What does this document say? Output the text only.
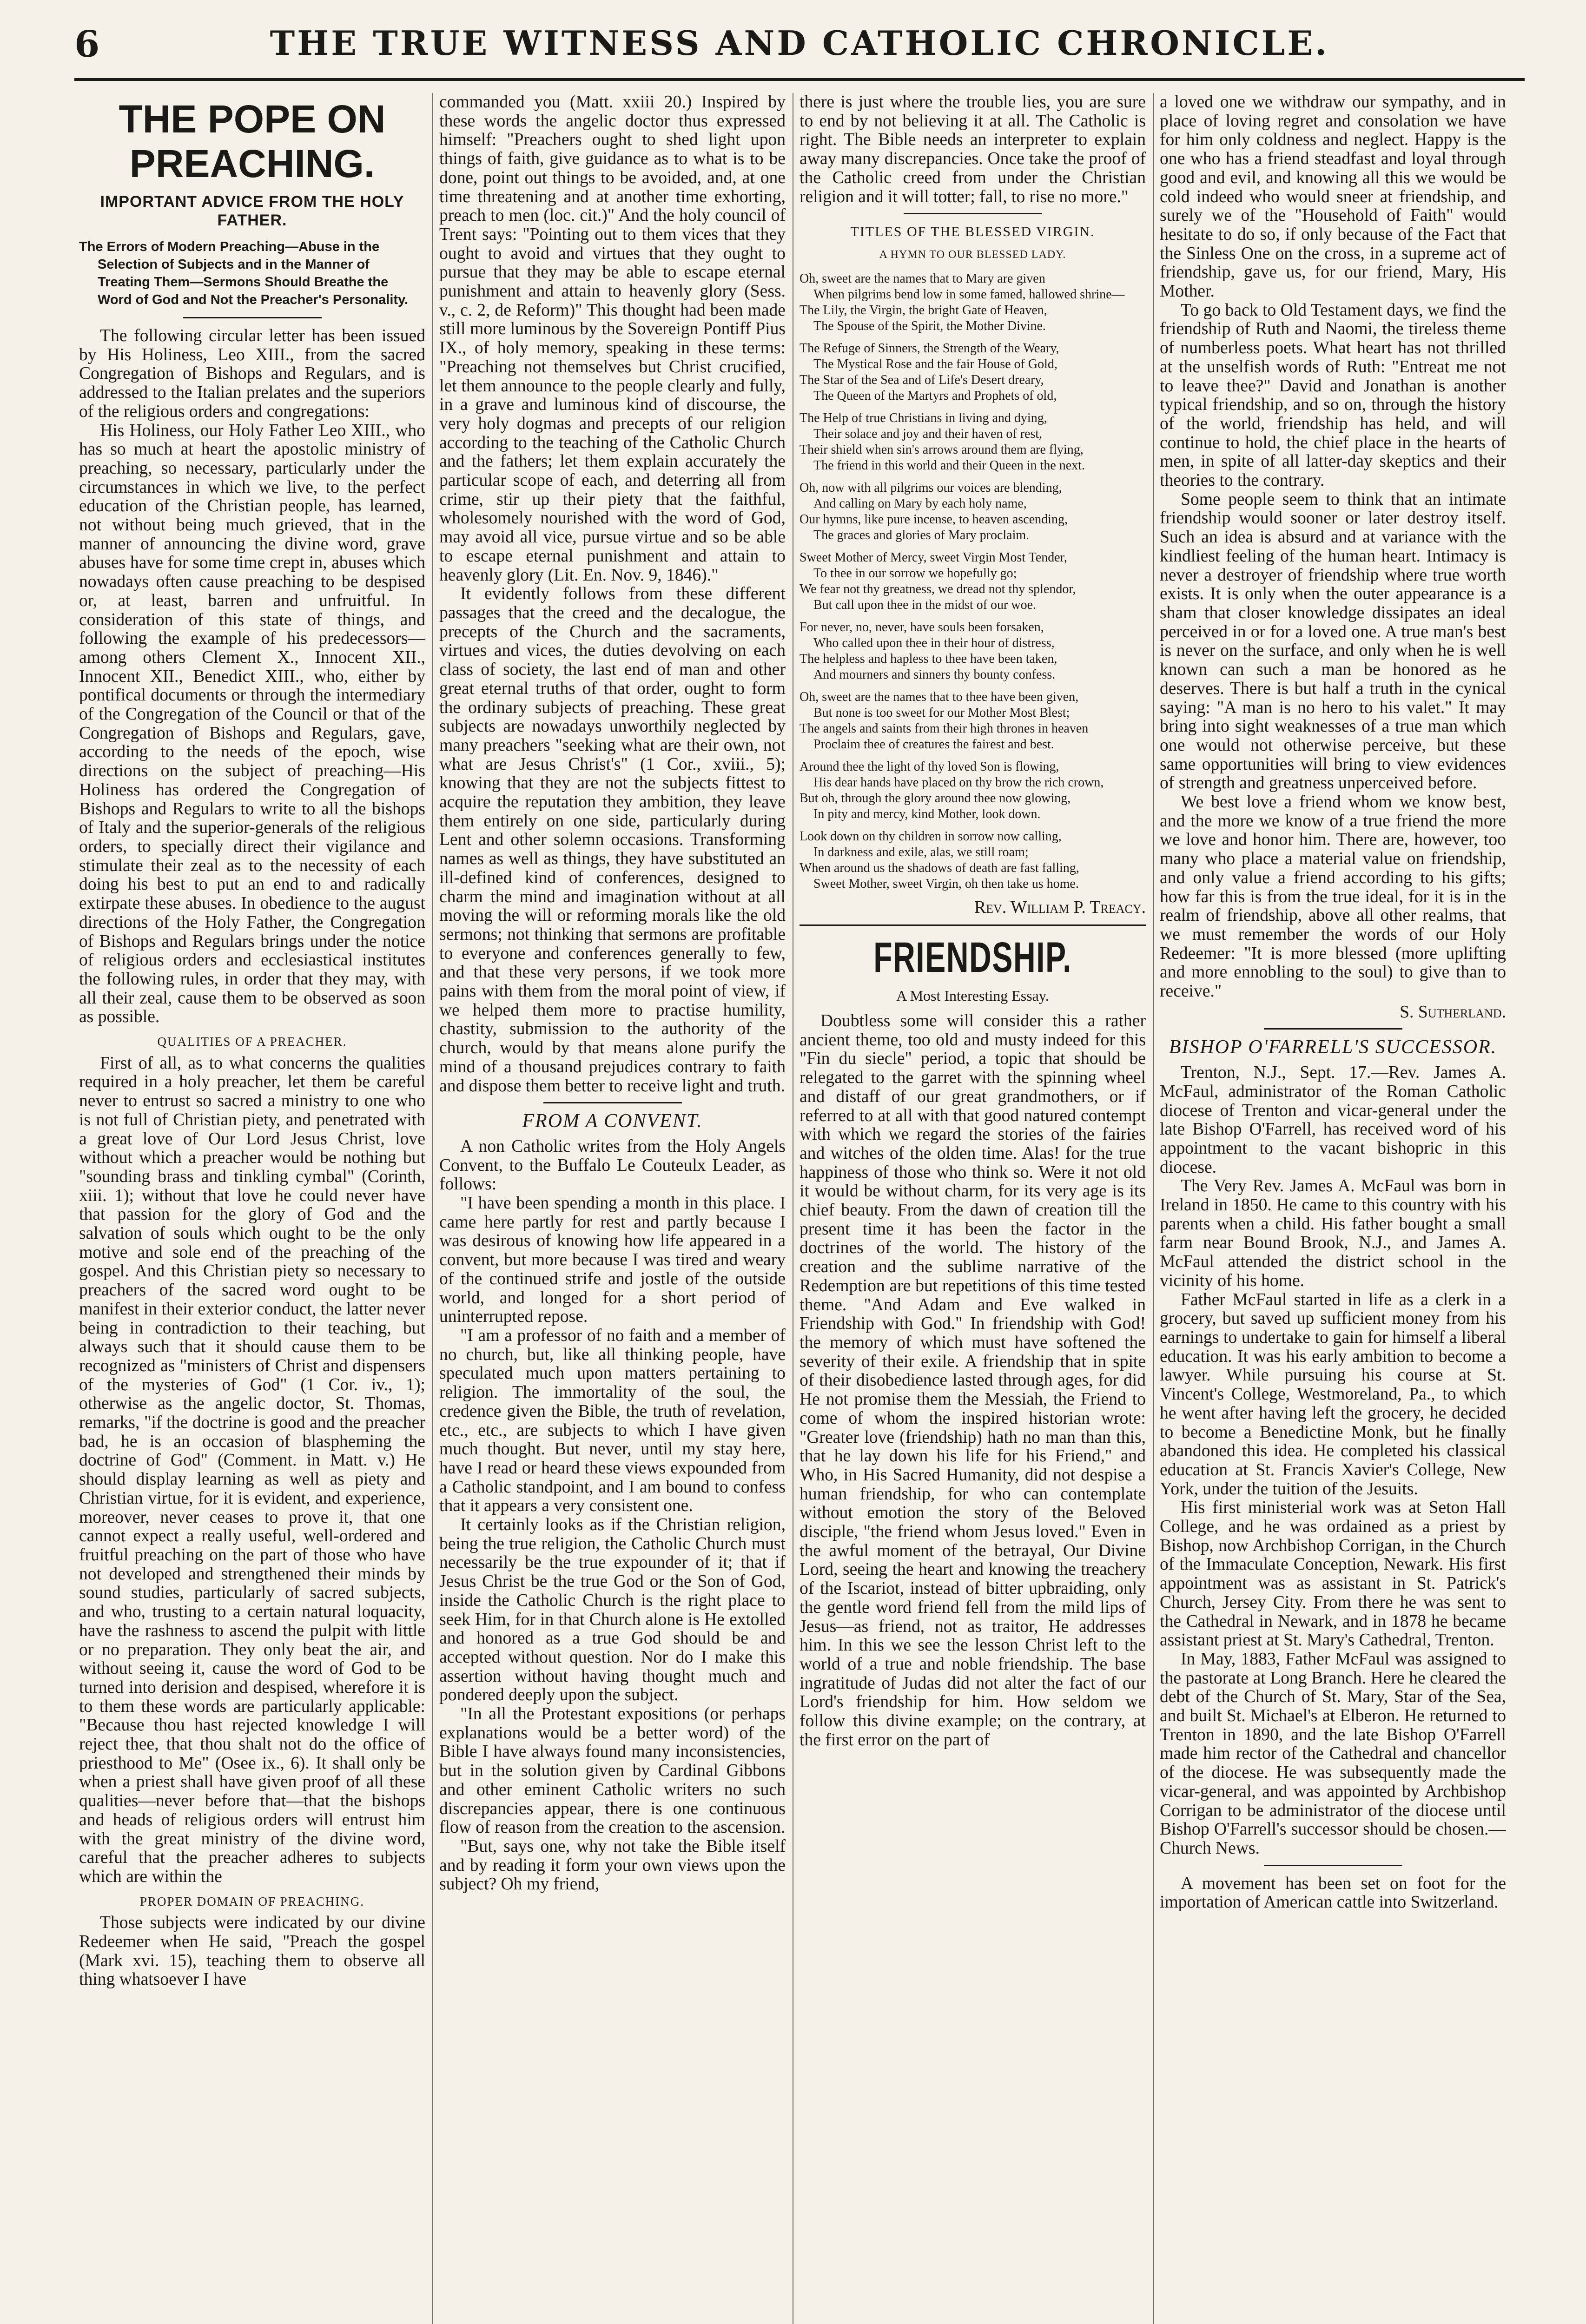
6	THE TRUE WITNESS AND CATHOLIC CHRONICLE.
THE POPE ON PREACHING.
IMPORTANT ADVICE FROM THE HOLY FATHER.
The Errors of Modern Preaching—Abuse in the Selection of Subjects and in the Manner of Treating Them—Sermons Should Breathe the Word of God and Not the Preacher's Personality.

The following circular letter has been issued by His Holiness, Leo XIII., from the sacred Congregation of Bishops and Regulars, and is addressed to the Italian prelates and the superiors of the religious orders and congregations:

His Holiness, our Holy Father Leo XIII., who has so much at heart the apostolic ministry of preaching, so necessary, particularly under the circumstances in which we live, to the perfect education of the Christian people, has learned, not without being much grieved, that in the manner of announcing the divine word, grave abuses have for some time crept in, abuses which nowadays often cause preaching to be despised or, at least, barren and unfruitful. In consideration of this state of things, and following the example of his predecessors—among others Clement X., Innocent XII., Innocent XII., Benedict XIII., who, either by pontifical documents or through the intermediary of the Congregation of the Council or that of the Congregation of Bishops and Regulars, gave, according to the needs of the epoch, wise directions on the subject of preaching—His Holiness has ordered the Congregation of Bishops and Regulars to write to all the bishops of Italy and the superior-generals of the religious orders, to specially direct their vigilance and stimulate their zeal as to the necessity of each doing his best to put an end to and radically extirpate these abuses. In obedience to the august directions of the Holy Father, the Congregation of Bishops and Regulars brings under the notice of religious orders and ecclesiastical institutes the following rules, in order that they may, with all their zeal, cause them to be observed as soon as possible.

QUALITIES OF A PREACHER.

First of all, as to what concerns the qualities required in a holy preacher, let them be careful never to entrust so sacred a ministry to one who is not full of Christian piety, and penetrated with a great love of Our Lord Jesus Christ, love without which a preacher would be nothing but "sounding brass and tinkling cymbal" (Corinth, xiii. 1); without that love he could never have that passion for the glory of God and the salvation of souls which ought to be the only motive and sole end of the preaching of the gospel. And this Christian piety so necessary to preachers of the sacred word ought to be manifest in their exterior conduct, the latter never being in contradiction to their teaching, but always such that it should cause them to be recognized as "ministers of Christ and dispensers of the mysteries of God" (1 Cor. iv., 1); otherwise as the angelic doctor, St. Thomas, remarks, "if the doctrine is good and the preacher bad, he is an occasion of blaspheming the doctrine of God" (Comment. in Matt. v.) He should display learning as well as piety and Christian virtue, for it is evident, and experience, moreover, never ceases to prove it, that one cannot expect a really useful, well-ordered and fruitful preaching on the part of those who have not developed and strengthened their minds by sound studies, particularly of sacred subjects, and who, trusting to a certain natural loquacity, have the rashness to ascend the pulpit with little or no preparation. They only beat the air, and without seeing it, cause the word of God to be turned into derision and despised, wherefore it is to them these words are particularly applicable: "Because thou hast rejected knowledge I will reject thee, that thou shalt not do the office of priesthood to Me" (Osee ix., 6). It shall only be when a priest shall have given proof of all these qualities—never before that—that the bishops and heads of religious orders will entrust him with the great ministry of the divine word, careful that the preacher adheres to subjects which are within the

PROPER DOMAIN OF PREACHING.

Those subjects were indicated by our divine Redeemer when He said, "Preach the gospel (Mark xvi. 15), teaching them to observe all thing whatsoever I have

commanded you (Matt. xxiii 20.) Inspired by these words the angelic doctor thus expressed himself: "Preachers ought to shed light upon things of faith, give guidance as to what is to be done, point out things to be avoided, and, at one time threatening and at another time exhorting, preach to men (loc. cit.)" And the holy council of Trent says: "Pointing out to them vices that they ought to avoid and virtues that they ought to pursue that they may be able to escape eternal punishment and attain to heavenly glory (Sess. v., c. 2, de Reform)" This thought had been made still more luminous by the Sovereign Pontiff Pius IX., of holy memory, speaking in these terms: "Preaching not themselves but Christ crucified, let them announce to the people clearly and fully, in a grave and luminous kind of discourse, the very holy dogmas and precepts of our religion according to the teaching of the Catholic Church and the fathers; let them explain accurately the particular scope of each, and deterring all from crime, stir up their piety that the faithful, wholesomely nourished with the word of God, may avoid all vice, pursue virtue and so be able to escape eternal punishment and attain to heavenly glory (Lit. En. Nov. 9, 1846)."

It evidently follows from these different passages that the creed and the decalogue, the precepts of the Church and the sacraments, virtues and vices, the duties devolving on each class of society, the last end of man and other great eternal truths of that order, ought to form the ordinary subjects of preaching. These great subjects are nowadays unworthily neglected by many preachers "seeking what are their own, not what are Jesus Christ's" (1 Cor., xviii., 5); knowing that they are not the subjects fittest to acquire the reputation they ambition, they leave them entirely on one side, particularly during Lent and other solemn occasions. Transforming names as well as things, they have substituted an ill-defined kind of conferences, designed to charm the mind and imagination without at all moving the will or reforming morals like the old sermons; not thinking that sermons are profitable to everyone and conferences generally to few, and that these very persons, if we took more pains with them from the moral point of view, if we helped them more to practise humility, chastity, submission to the authority of the church, would by that means alone purify the mind of a thousand prejudices contrary to faith and dispose them better to receive light and truth.

FROM A CONVENT.

A non Catholic writes from the Holy Angels Convent, to the Buffalo Le Couteulx Leader, as follows:

"I have been spending a month in this place. I came here partly for rest and partly because I was desirous of knowing how life appeared in a convent, but more because I was tired and weary of the continued strife and jostle of the outside world, and longed for a short period of uninterrupted repose.

"I am a professor of no faith and a member of no church, but, like all thinking people, have speculated much upon matters pertaining to religion. The immortality of the soul, the credence given the Bible, the truth of revelation, etc., etc., are subjects to which I have given much thought. But never, until my stay here, have I read or heard these views expounded from a Catholic standpoint, and I am bound to confess that it appears a very consistent one.

It certainly looks as if the Christian religion, being the true religion, the Catholic Church must necessarily be the true expounder of it; that if Jesus Christ be the true God or the Son of God, inside the Catholic Church is the right place to seek Him, for in that Church alone is He extolled and honored as a true God should be and accepted without question. Nor do I make this assertion without having thought much and pondered deeply upon the subject.

"In all the Protestant expositions (or perhaps explanations would be a better word) of the Bible I have always found many inconsistencies, but in the solution given by Cardinal Gibbons and other eminent Catholic writers no such discrepancies appear, there is one continuous flow of reason from the creation to the ascension.

"But, says one, why not take the Bible itself and by reading it form your own views upon the subject? Oh my friend,

there is just where the trouble lies, you are sure to end by not believing it at all. The Catholic is right. The Bible needs an interpreter to explain away many discrepancies. Once take the proof of the Catholic creed from under the Christian religion and it will totter; fall, to rise no more."

TITLES OF THE BLESSED VIRGIN.
A HYMN TO OUR BLESSED LADY.

Oh, sweet are the names that to Mary are given

When pilgrims bend low in some famed, hallowed shrine—

The Lily, the Virgin, the bright Gate of Heaven,

The Spouse of the Spirit, the Mother Divine.

The Refuge of Sinners, the Strength of the Weary,

The Mystical Rose and the fair House of Gold,

The Star of the Sea and of Life's Desert dreary,

The Queen of the Martyrs and Prophets of old,

The Help of true Christians in living and dying,

Their solace and joy and their haven of rest,

Their shield when sin's arrows around them are flying,

The friend in this world and their Queen in the next.

Oh, now with all pilgrims our voices are blending,

And calling on Mary by each holy name,

Our hymns, like pure incense, to heaven ascending,

The graces and glories of Mary proclaim.

Sweet Mother of Mercy, sweet Virgin Most Tender,

To thee in our sorrow we hopefully go;

We fear not thy greatness, we dread not thy splendor,

But call upon thee in the midst of our woe.

For never, no, never, have souls been forsaken,

Who called upon thee in their hour of distress,

The helpless and hapless to thee have been taken,

And mourners and sinners thy bounty confess.

Oh, sweet are the names that to thee have been given,

But none is too sweet for our Mother Most Blest;

The angels and saints from their high thrones in heaven

Proclaim thee of creatures the fairest and best.

Around thee the light of thy loved Son is flowing,

His dear hands have placed on thy brow the rich crown,

But oh, through the glory around thee now glowing,

In pity and mercy, kind Mother, look down.

Look down on thy children in sorrow now calling,

In darkness and exile, alas, we still roam;

When around us the shadows of death are fast falling,

Sweet Mother, sweet Virgin, oh then take us home.

Rev. William P. Treacy.

FRIENDSHIP.
A Most Interesting Essay.

Doubtless some will consider this a rather ancient theme, too old and musty indeed for this "Fin du siecle" period, a topic that should be relegated to the garret with the spinning wheel and distaff of our great grandmothers, or if referred to at all with that good natured contempt with which we regard the stories of the fairies and witches of the olden time. Alas! for the true happiness of those who think so. Were it not old it would be without charm, for its very age is its chief beauty. From the dawn of creation till the present time it has been the factor in the doctrines of the world. The history of the creation and the sublime narrative of the Redemption are but repetitions of this time tested theme. "And Adam and Eve walked in Friendship with God." In friendship with God! the memory of which must have softened the severity of their exile. A friendship that in spite of their disobedience lasted through ages, for did He not promise them the Messiah, the Friend to come of whom the inspired historian wrote: "Greater love (friendship) hath no man than this, that he lay down his life for his Friend," and Who, in His Sacred Humanity, did not despise a human friendship, for who can contemplate without emotion the story of the Beloved disciple, "the friend whom Jesus loved." Even in the awful moment of the betrayal, Our Divine Lord, seeing the heart and knowing the treachery of the Iscariot, instead of bitter upbraiding, only the gentle word friend fell from the mild lips of Jesus—as friend, not as traitor, He addresses him. In this we see the lesson Christ left to the world of a true and noble friendship. The base ingratitude of Judas did not alter the fact of our Lord's friendship for him. How seldom we follow this divine example; on the contrary, at the first error on the part of

a loved one we withdraw our sympathy, and in place of loving regret and consolation we have for him only coldness and neglect. Happy is the one who has a friend steadfast and loyal through good and evil, and knowing all this we would be cold indeed who would sneer at friendship, and surely we of the "Household of Faith" would hesitate to do so, if only because of the Fact that the Sinless One on the cross, in a supreme act of friendship, gave us, for our friend, Mary, His Mother.

To go back to Old Testament days, we find the friendship of Ruth and Naomi, the tireless theme of numberless poets. What heart has not thrilled at the unselfish words of Ruth: "Entreat me not to leave thee?" David and Jonathan is another typical friendship, and so on, through the history of the world, friendship has held, and will continue to hold, the chief place in the hearts of men, in spite of all latter-day skeptics and their theories to the contrary.

Some people seem to think that an intimate friendship would sooner or later destroy itself. Such an idea is absurd and at variance with the kindliest feeling of the human heart. Intimacy is never a destroyer of friendship where true worth exists. It is only when the outer appearance is a sham that closer knowledge dissipates an ideal perceived in or for a loved one. A true man's best is never on the surface, and only when he is well known can such a man be honored as he deserves. There is but half a truth in the cynical saying: "A man is no hero to his valet." It may bring into sight weaknesses of a true man which one would not otherwise perceive, but these same opportunities will bring to view evidences of strength and greatness unperceived before.

We best love a friend whom we know best, and the more we know of a true friend the more we love and honor him. There are, however, too many who place a material value on friendship, and only value a friend according to his gifts; how far this is from the true ideal, for it is in the realm of friendship, above all other realms, that we must remember the words of our Holy Redeemer: "It is more blessed (more uplifting and more ennobling to the soul) to give than to receive."

S. Sutherland.

BISHOP O'FARRELL'S SUCCESSOR.

Trenton, N.J., Sept. 17.—Rev. James A. McFaul, administrator of the Roman Catholic diocese of Trenton and vicar-general under the late Bishop O'Farrell, has received word of his appointment to the vacant bishopric in this diocese.

The Very Rev. James A. McFaul was born in Ireland in 1850. He came to this country with his parents when a child. His father bought a small farm near Bound Brook, N.J., and James A. McFaul attended the district school in the vicinity of his home.

Father McFaul started in life as a clerk in a grocery, but saved up sufficient money from his earnings to undertake to gain for himself a liberal education. It was his early ambition to become a lawyer. While pursuing his course at St. Vincent's College, Westmoreland, Pa., to which he went after having left the grocery, he decided to become a Benedictine Monk, but he finally abandoned this idea. He completed his classical education at St. Francis Xavier's College, New York, under the tuition of the Jesuits.

His first ministerial work was at Seton Hall College, and he was ordained as a priest by Bishop, now Archbishop Corrigan, in the Church of the Immaculate Conception, Newark. His first appointment was as assistant in St. Patrick's Church, Jersey City. From there he was sent to the Cathedral in Newark, and in 1878 he became assistant priest at St. Mary's Cathedral, Trenton.

In May, 1883, Father McFaul was assigned to the pastorate at Long Branch. Here he cleared the debt of the Church of St. Mary, Star of the Sea, and built St. Michael's at Elberon. He returned to Trenton in 1890, and the late Bishop O'Farrell made him rector of the Cathedral and chancellor of the diocese. He was subsequently made the vicar-general, and was appointed by Archbishop Corrigan to be administrator of the diocese until Bishop O'Farrell's successor should be chosen.—Church News.

A movement has been set on foot for the importation of American cattle into Switzerland.
